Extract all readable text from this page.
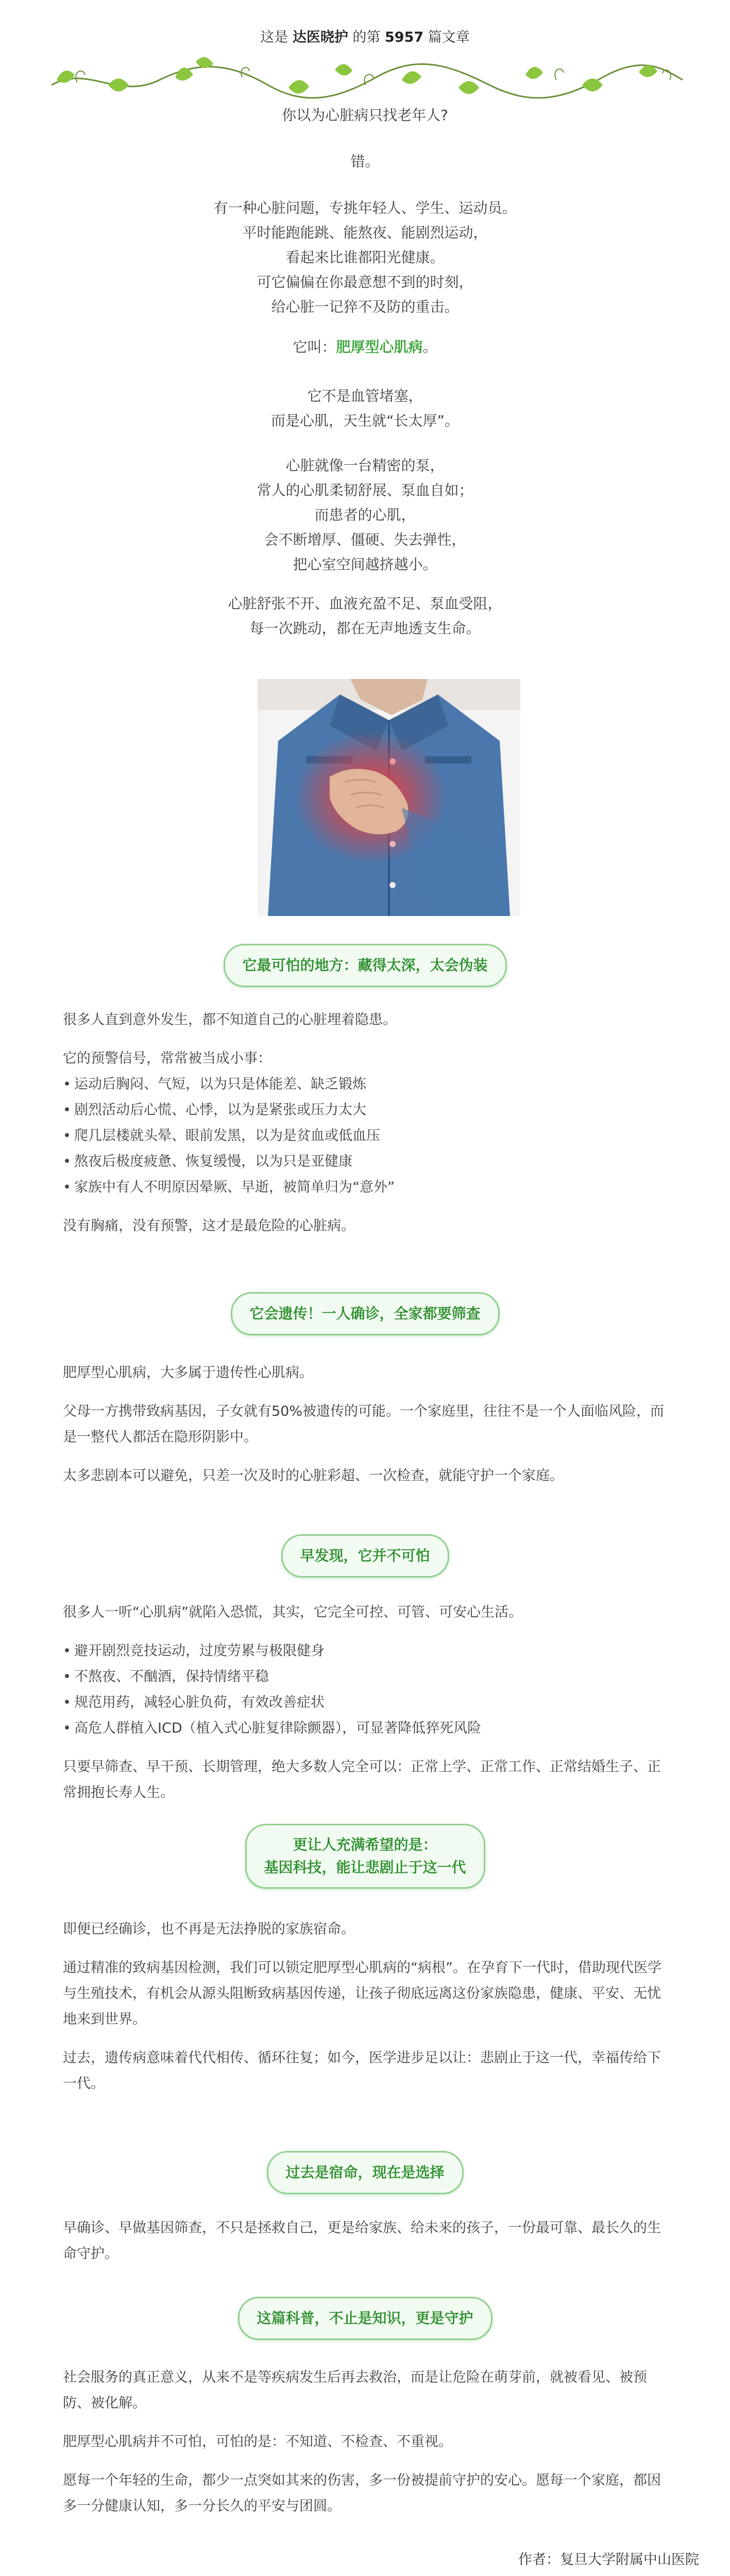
这是 达医晓护 的第 5957 篇文章

你以为心脏病只找老年人?

错。

有一种心脏问题，专挑年轻人、学生、运动员。

平时能跑能跳、能熬夜、能剧烈运动，

看起来比谁都阳光健康。

可它偏偏在你最意想不到的时刻，

给心脏一记猝不及防的重击。

它叫：肥厚型心肌病。

它不是血管堵塞，

而是心肌，天生就“长太厚”。

心脏就像一台精密的泵，

常人的心肌柔韧舒展、泵血自如；

而患者的心肌，

会不断增厚、僵硬、失去弹性，

把心室空间越挤越小。

心脏舒张不开、血液充盈不足、泵血受阻，

每一次跳动，都在无声地透支生命。

它最可怕的地方：藏得太深，太会伪装

很多人直到意外发生，都不知道自己的心脏埋着隐患。

它的预警信号，常常被当成小事：

• 运动后胸闷、气短，以为只是体能差、缺乏锻炼
• 剧烈活动后心慌、心悸，以为是紧张或压力太大
• 爬几层楼就头晕、眼前发黑，以为是贫血或低血压
• 熬夜后极度疲惫、恢复缓慢，以为只是亚健康
• 家族中有人不明原因晕厥、早逝，被简单归为“意外”

没有胸痛，没有预警，这才是最危险的心脏病。

它会遗传！一人确诊，全家都要筛查

肥厚型心肌病，大多属于遗传性心肌病。

父母一方携带致病基因，子女就有50%被遗传的可能。一个家庭里，往往不是一个人面临风险，而是一整代人都活在隐形阴影中。

太多悲剧本可以避免，只差一次及时的心脏彩超、一次检查，就能守护一个家庭。

早发现，它并不可怕

很多人一听“心肌病”就陷入恐慌，其实，它完全可控、可管、可安心生活。

• 避开剧烈竞技运动，过度劳累与极限健身
• 不熬夜、不酗酒，保持情绪平稳
• 规范用药，减轻心脏负荷，有效改善症状
• 高危人群植入ICD（植入式心脏复律除颤器），可显著降低猝死风险

只要早筛查、早干预、长期管理，绝大多数人完全可以：正常上学、正常工作、正常结婚生子、正常拥抱长寿人生。

更让人充满希望的是：
基因科技，能让悲剧止于这一代

即便已经确诊，也不再是无法挣脱的家族宿命。

通过精准的致病基因检测，我们可以锁定肥厚型心肌病的“病根”。在孕育下一代时，借助现代医学与生殖技术，有机会从源头阻断致病基因传递，让孩子彻底远离这份家族隐患，健康、平安、无忧地来到世界。

过去，遗传病意味着代代相传、循环往复；如今，医学进步足以让：悲剧止于这一代，幸福传给下一代。

过去是宿命，现在是选择

早确诊、早做基因筛查，不只是拯救自己，更是给家族、给未来的孩子，一份最可靠、最长久的生命守护。

这篇科普，不止是知识，更是守护

社会服务的真正意义，从来不是等疾病发生后再去救治，而是让危险在萌芽前，就被看见、被预防、被化解。

肥厚型心肌病并不可怕，可怕的是：不知道、不检查、不重视。

愿每一个年轻的生命，都少一点突如其来的伤害，多一份被提前守护的安心。愿每一个家庭，都因多一分健康认知，多一分长久的平安与团圆。

作者：复旦大学附属中山医院
